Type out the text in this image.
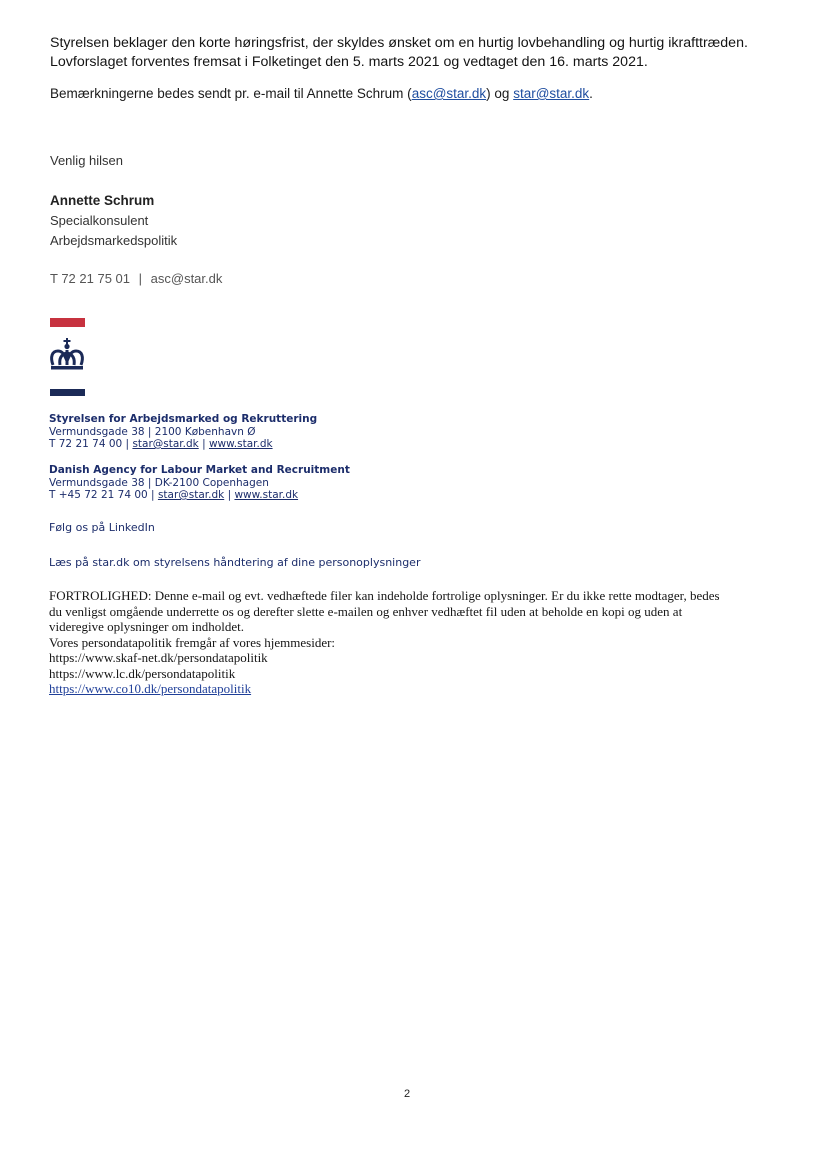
Styrelsen beklager den korte høringsfrist, der skyldes ønsket om en hurtig lovbehandling og hurtig ikrafttræden.
Lovforslaget forventes fremsat i Folketinget den 5. marts 2021 og vedtaget den 16. marts 2021.
Bemærkningerne bedes sendt pr. e-mail til Annette Schrum (asc@star.dk) og star@star.dk.
Venlig hilsen
Annette Schrum
Specialkonsulent
Arbejdsmarkedspolitik
T 72 21 75 01 | asc@star.dk
Styrelsen for Arbejdsmarked og Rekruttering
Vermundsgade 38 | 2100 København Ø
T 72 21 74 00 | star@star.dk | www.star.dk
Danish Agency for Labour Market and Recruitment
Vermundsgade 38 | DK-2100 Copenhagen
T +45 72 21 74 00 | star@star.dk | www.star.dk
Følg os på LinkedIn
Læs på star.dk om styrelsens håndtering af dine personoplysninger
FORTROLIGHED: Denne e-mail og evt. vedhæftede filer kan indeholde fortrolige oplysninger. Er du ikke rette modtager, bedes
du venligst omgående underrette os og derefter slette e-mailen og enhver vedhæftet fil uden at beholde en kopi og uden at
videregive oplysninger om indholdet.
Vores persondatapolitik fremgår af vores hjemmesider:
https://www.skaf-net.dk/persondatapolitik
https://www.lc.dk/persondatapolitik
https://www.co10.dk/persondatapolitik
2
